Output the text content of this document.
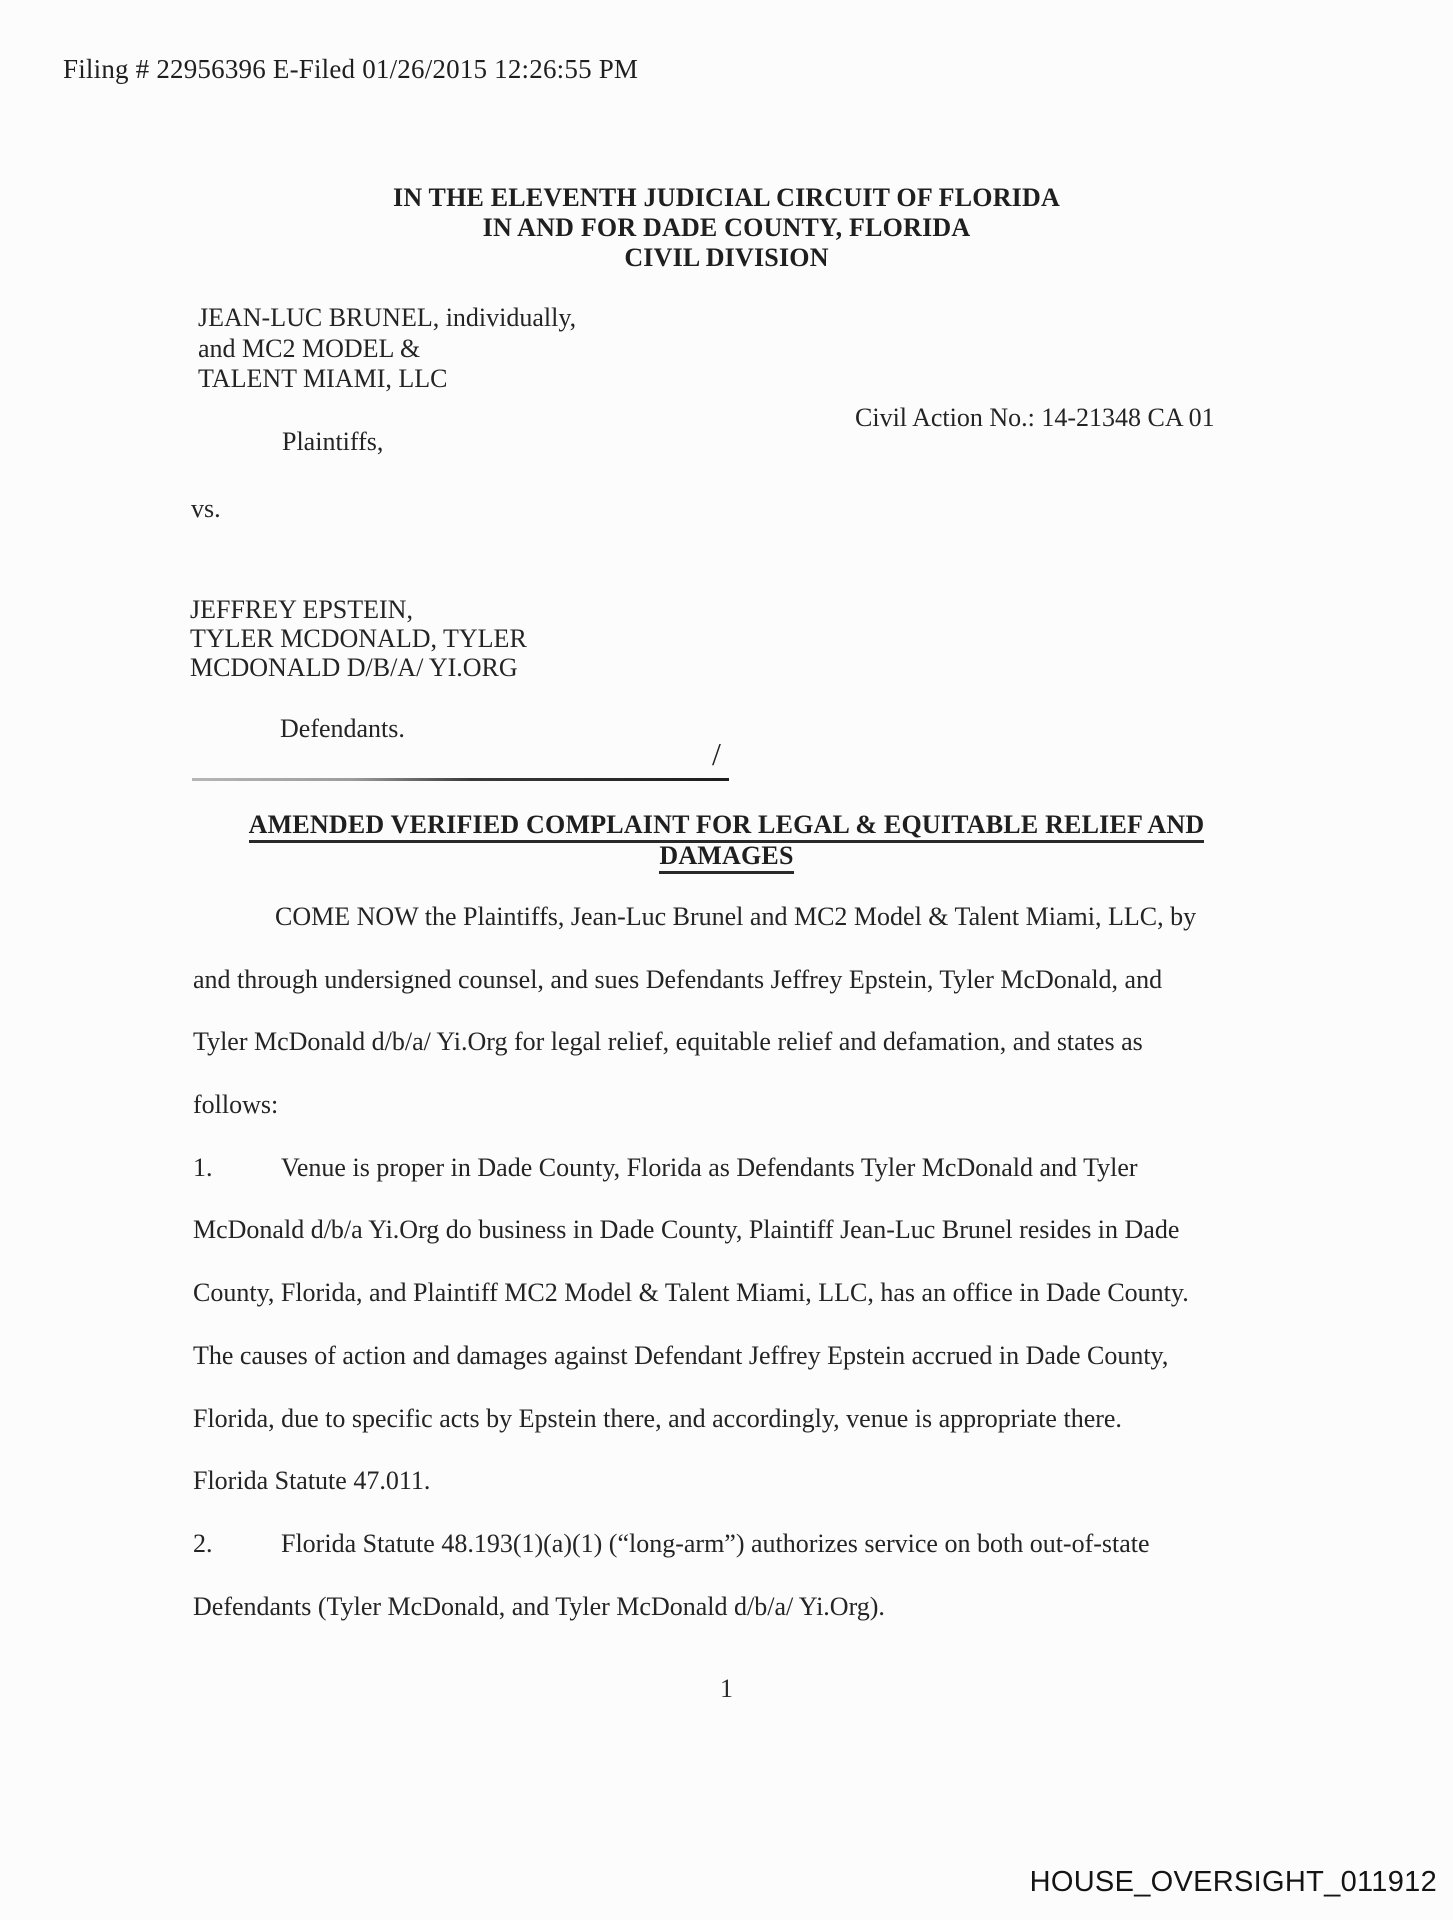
Filing # 22956396 E-Filed 01/26/2015 12:26:55 PM
IN THE ELEVENTH JUDICIAL CIRCUIT OF FLORIDA
IN AND FOR DADE COUNTY, FLORIDA
CIVIL DIVISION
JEAN-LUC BRUNEL, individually,
and MC2 MODEL &
TALENT MIAMI, LLC
Civil Action No.: 14-21348 CA 01
Plaintiffs,
vs.
JEFFREY EPSTEIN,
TYLER MCDONALD, TYLER
MCDONALD D/B/A/ YI.ORG
Defendants.
/
AMENDED VERIFIED COMPLAINT FOR LEGAL & EQUITABLE RELIEF AND
DAMAGES
COME NOW the Plaintiffs, Jean-Luc Brunel and MC2 Model & Talent Miami, LLC, by
and through undersigned counsel, and sues Defendants Jeffrey Epstein, Tyler McDonald, and
Tyler McDonald d/b/a/ Yi.Org for legal relief, equitable relief and defamation, and states as
follows:
1.	Venue is proper in Dade County, Florida as Defendants Tyler McDonald and Tyler
McDonald d/b/a Yi.Org do business in Dade County, Plaintiff Jean-Luc Brunel resides in Dade
County, Florida, and Plaintiff MC2 Model & Talent Miami, LLC, has an office in Dade County.
The causes of action and damages against Defendant Jeffrey Epstein accrued in Dade County,
Florida, due to specific acts by Epstein there, and accordingly, venue is appropriate there.
Florida Statute 47.011.
2.	Florida Statute 48.193(1)(a)(1) (“long-arm”) authorizes service on both out-of-state
Defendants (Tyler McDonald, and Tyler McDonald d/b/a/ Yi.Org).
1
HOUSE_OVERSIGHT_011912
